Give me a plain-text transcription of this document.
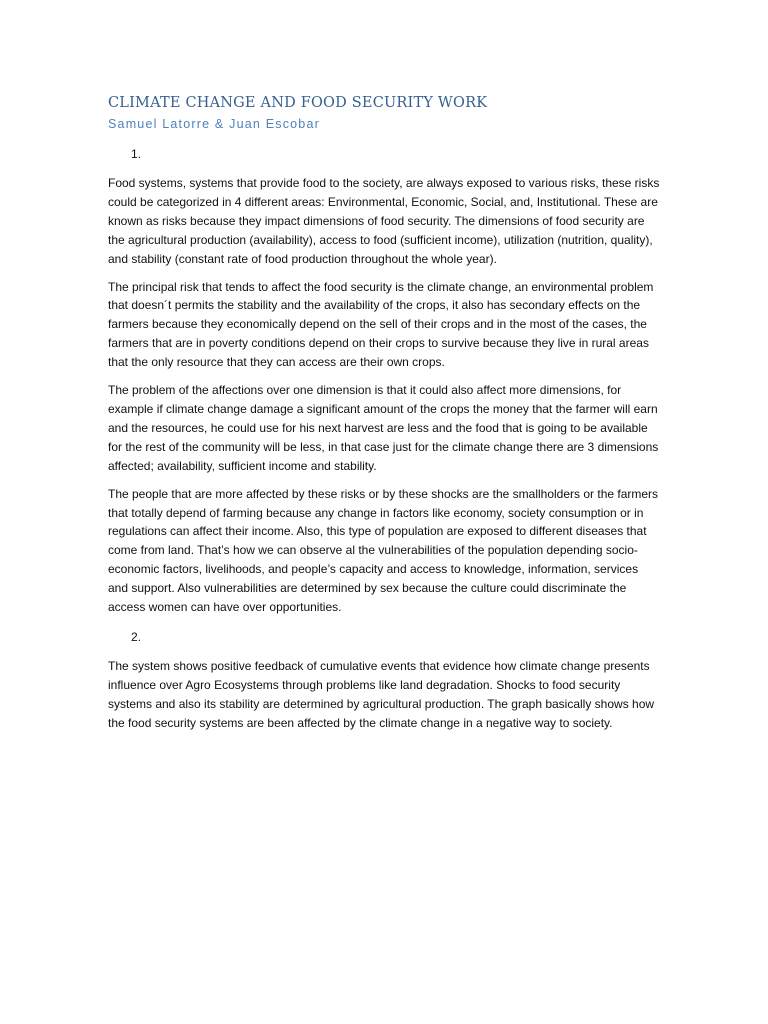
CLIMATE CHANGE AND FOOD SECURITY WORK
Samuel Latorre & Juan Escobar
1.

Food systems, systems that provide food to the society, are always exposed to various risks, these risks could be categorized in 4 different areas: Environmental, Economic, Social, and, Institutional. These are known as risks because they impact dimensions of food security. The dimensions of food security are the agricultural production (availability), access to food (sufficient income), utilization (nutrition, quality), and stability (constant rate of food production throughout the whole year).

The principal risk that tends to affect the food security is the climate change, an environmental problem that doesn´t permits the stability and the availability of the crops, it also has secondary effects on the farmers because they economically depend on the sell of their crops and in the most of the cases, the farmers that are in poverty conditions depend on their crops to survive because they live in rural areas that the only resource that they can access are their own crops.

The problem of the affections over one dimension is that it could also affect more dimensions, for example if climate change damage a significant amount of the crops the money that the farmer will earn and the resources, he could use for his next harvest are less and the food that is going to be available for the rest of the community will be less, in that case just for the climate change there are 3 dimensions affected; availability, sufficient income and stability.

The people that are more affected by these risks or by these shocks are the smallholders or the farmers that totally depend of farming because any change in factors like economy, society consumption or in regulations can affect their income. Also, this type of population are exposed to different diseases that come from land. That’s how we can observe al the vulnerabilities of the population depending socio-economic factors, livelihoods, and people’s capacity and access to knowledge, information, services and support. Also vulnerabilities are determined by sex because the culture could discriminate the access women can have over opportunities.

2.

The system shows positive feedback of cumulative events that evidence how climate change presents influence over Agro Ecosystems through problems like land degradation. Shocks to food security systems and also its stability are determined by agricultural production. The graph basically shows how the food security systems are been affected by the climate change in a negative way to society.
